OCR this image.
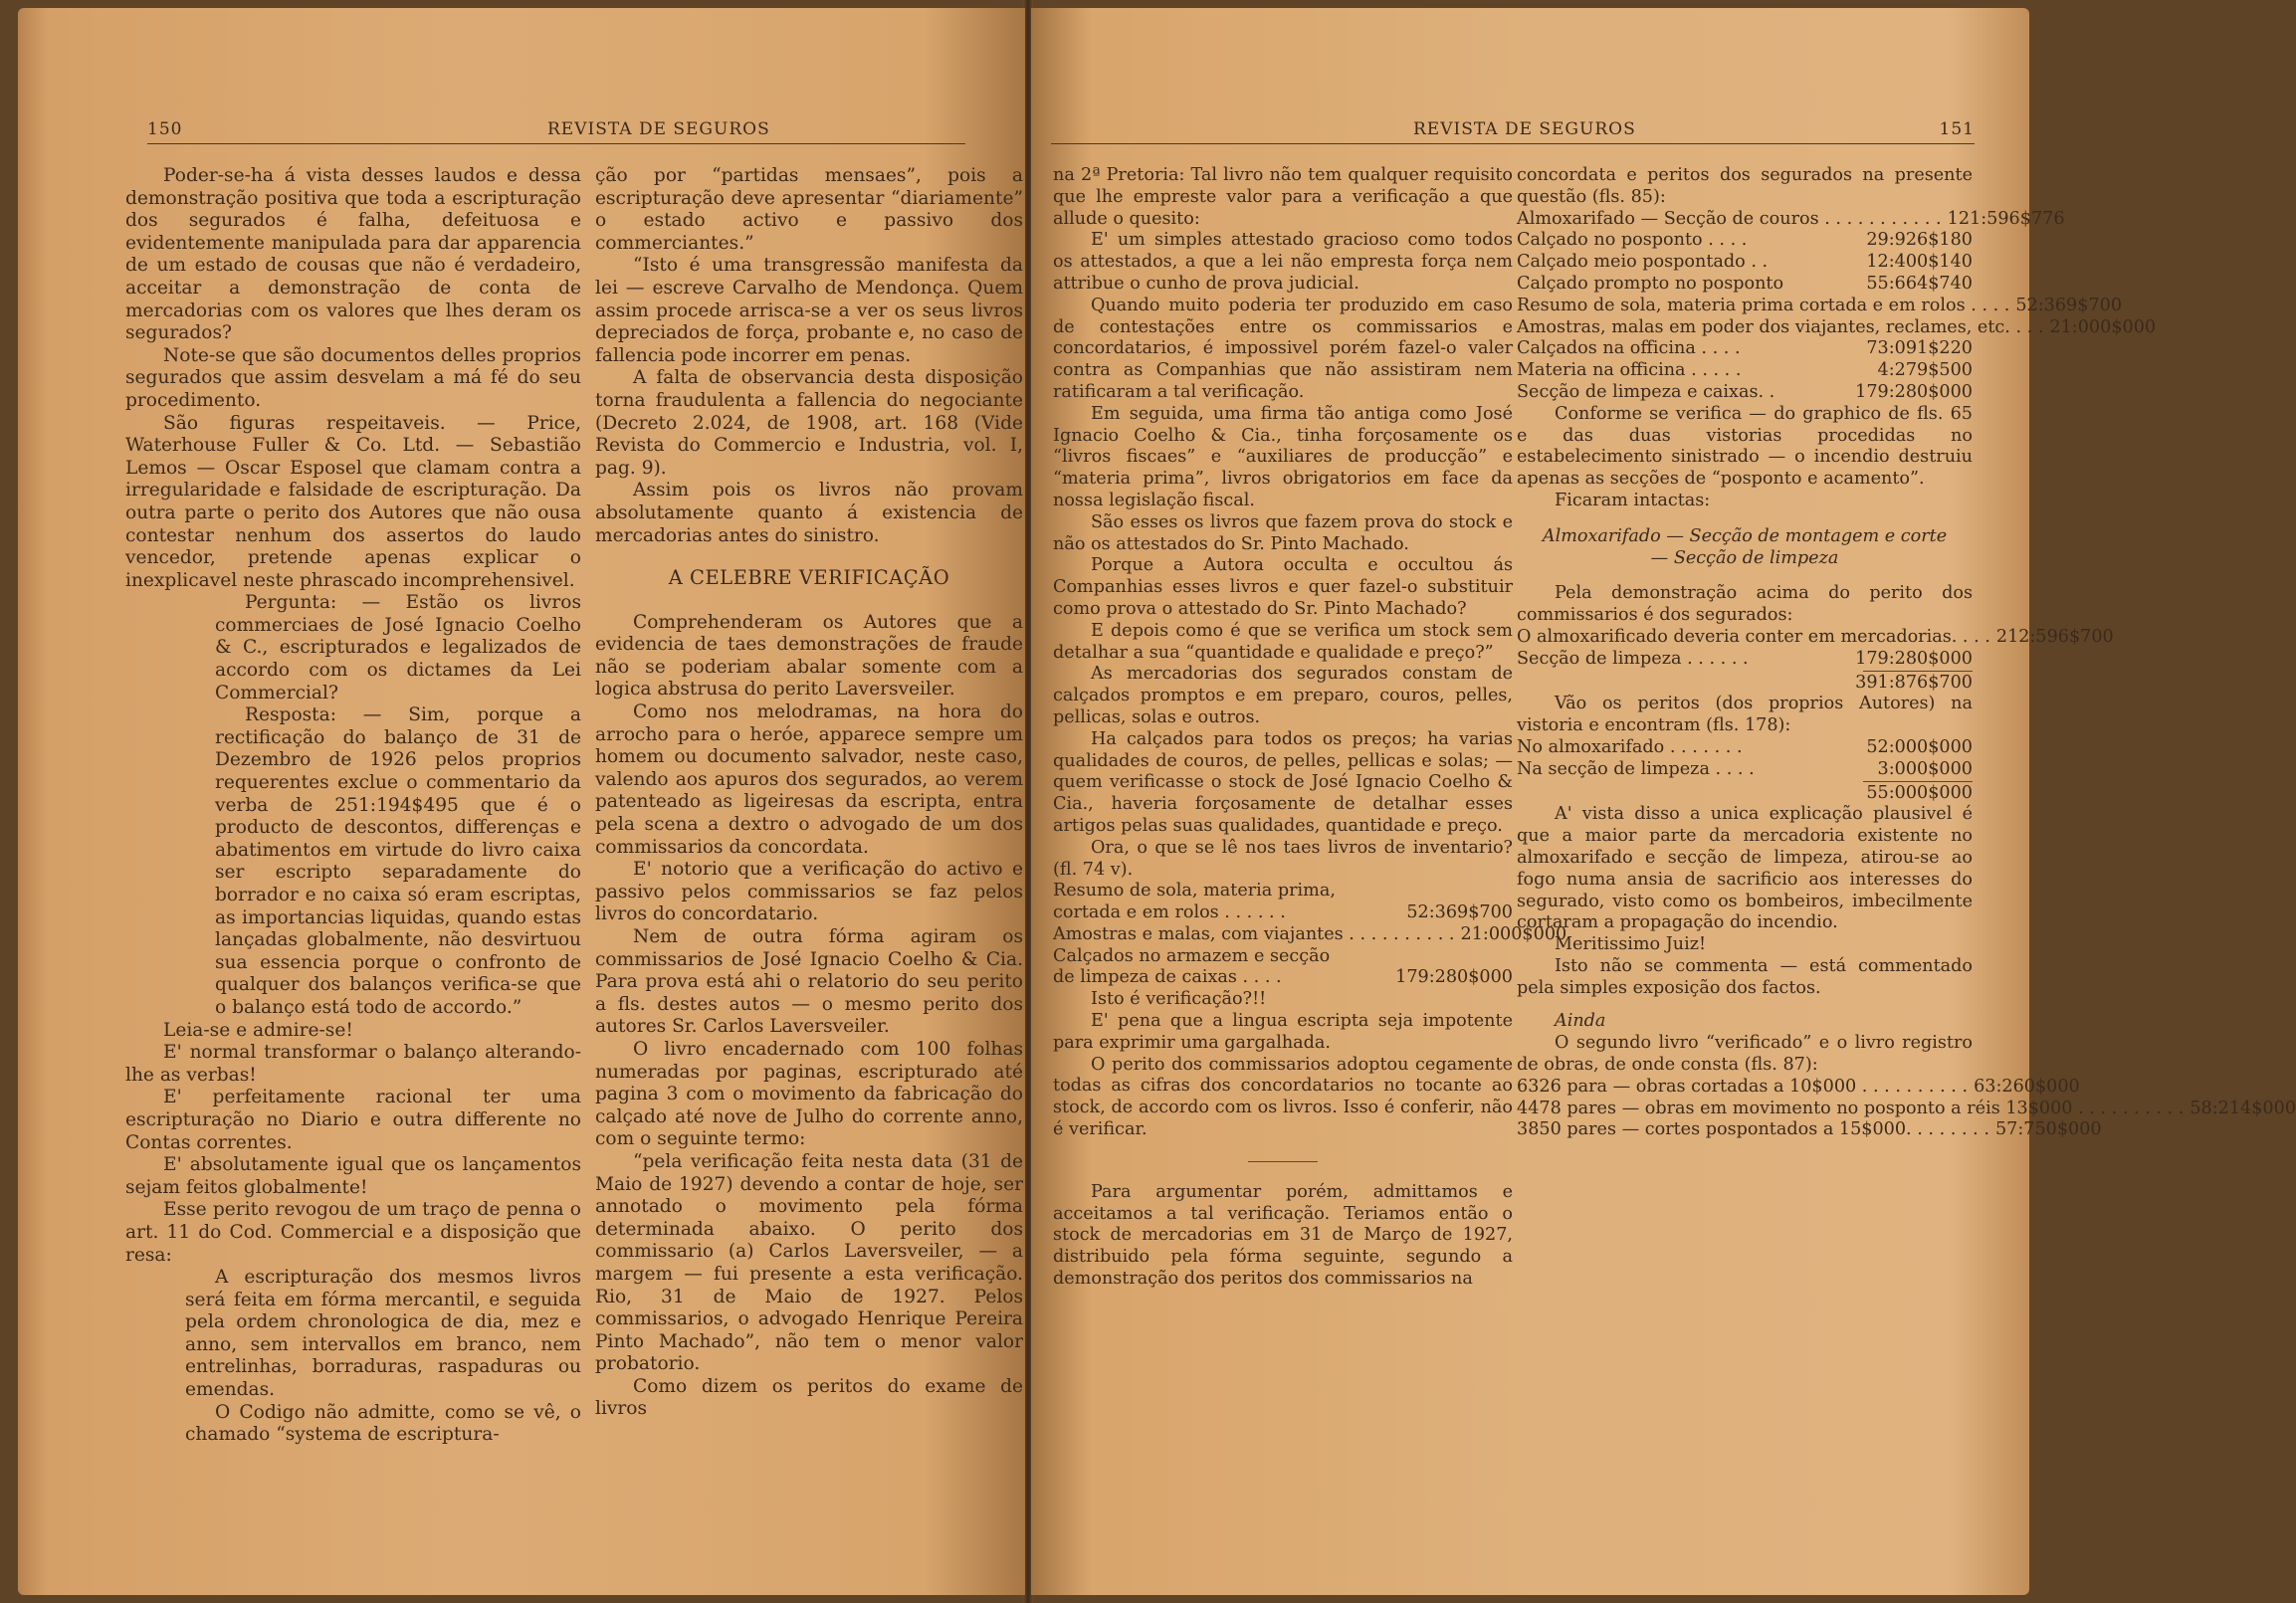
150	REVISTA DE SEGUROS

Poder-se-ha á vista desses laudos e dessa demonstração positiva que toda a escripturação dos segurados é falha, defeituosa e evidentemente manipulada para dar apparencia de um estado de cousas que não é verdadeiro, acceitar a demonstração de conta de mercadorias com os valores que lhes deram os segurados?

Note-se que são documentos delles proprios segurados que assim desvelam a má fé do seu procedimento.

São figuras respeitaveis. — Price, Waterhouse Fuller & Co. Ltd. — Sebastião Lemos — Oscar Esposel que clamam contra a irregularidade e falsidade de escripturação. Da outra parte o perito dos Autores que não ousa contestar nenhum dos assertos do laudo vencedor, pretende apenas explicar o inexplicavel neste phrascado incomprehensivel.

Pergunta: — Estão os livros commerciaes de José Ignacio Coelho & C., escripturados e legalizados de accordo com os dictames da Lei Commercial?

Resposta: — Sim, porque a rectificação do balanço de 31 de Dezembro de 1926 pelos proprios requerentes exclue o commentario da verba de 251:194$495 que é o producto de descontos, differenças e abatimentos em virtude do livro caixa ser escripto separadamente do borrador e no caixa só eram escriptas, as importancias liquidas, quando estas lançadas globalmente, não desvirtuou sua essencia porque o confronto de qualquer dos balanços verifica-se que o balanço está todo de accordo.”

Leia-se e admire-se!

E' normal transformar o balanço alterando-lhe as verbas!

E' perfeitamente racional ter uma escripturação no Diario e outra differente no Contas correntes.

E' absolutamente igual que os lançamentos sejam feitos globalmente!

Esse perito revogou de um traço de penna o art. 11 do Cod. Commercial e a disposição que resa:

A escripturação dos mesmos livros será feita em fórma mercantil, e seguida pela ordem chronologica de dia, mez e anno, sem intervallos em branco, nem entrelinhas, borraduras, raspaduras ou emendas.

O Codigo não admitte, como se vê, o chamado “systema de escriptura-

ção por “partidas mensaes”, pois a escripturação deve apresentar “diariamente” o estado activo e passivo dos commerciantes.”

“Isto é uma transgressão manifesta da lei — escreve Carvalho de Mendonça. Quem assim procede arrisca-se a ver os seus livros depreciados de força, probante e, no caso de fallencia pode incorrer em penas.

A falta de observancia desta disposição torna fraudulenta a fallencia do negociante (Decreto 2.024, de 1908, art. 168 (Vide Revista do Commercio e Industria, vol. I, pag. 9).

Assim pois os livros não provam absolutamente quanto á existencia de mercadorias antes do sinistro.

A CELEBRE VERIFICAÇÃO

Comprehenderam os Autores que a evidencia de taes demonstrações de fraude não se poderiam abalar somente com a logica abstrusa do perito Laversveiler.

Como nos melodramas, na hora do arrocho para o heróe, apparece sempre um homem ou documento salvador, neste caso, valendo aos apuros dos segurados, ao verem patenteado as ligeiresas da escripta, entra pela scena a dextro o advogado de um dos commissarios da concordata.

E' notorio que a verificação do activo e passivo pelos commissarios se faz pelos livros do concordatario.

Nem de outra fórma agiram os commissarios de José Ignacio Coelho & Cia. Para prova está ahi o relatorio do seu perito a fls. destes autos — o mesmo perito dos autores Sr. Carlos Laversveiler.

O livro encadernado com 100 folhas numeradas por paginas, escripturado até pagina 3 com o movimento da fabricação do calçado até nove de Julho do corrente anno, com o seguinte termo:

“pela verificação feita nesta data (31 de Maio de 1927) devendo a contar de hoje, ser annotado o movimento pela fórma determinada abaixo. O perito dos commissario (a) Carlos Laversveiler, — a margem — fui presente a esta verificação. Rio, 31 de Maio de 1927. Pelos commissarios, o advogado Henrique Pereira Pinto Machado”, não tem o menor valor probatorio.

Como dizem os peritos do exame de livros

REVISTA DE SEGUROS	151

na 2ª Pretoria: Tal livro não tem qualquer requisito que lhe empreste valor para a verificação a que allude o quesito:

E' um simples attestado gracioso como todos os attestados, a que a lei não empresta força nem attribue o cunho de prova judicial.

Quando muito poderia ter produzido em caso de contestações entre os commissarios e concordatarios, é impossivel porém fazel-o valer contra as Companhias que não assistiram nem ratificaram a tal verificação.

Em seguida, uma firma tão antiga como José Ignacio Coelho & Cia., tinha forçosamente os “livros fiscaes” e “auxiliares de producção” e “materia prima”, livros obrigatorios em face da nossa legislação fiscal.

São esses os livros que fazem prova do stock e não os attestados do Sr. Pinto Machado.

Porque a Autora occulta e occultou ás Companhias esses livros e quer fazel-o substituir como prova o attestado do Sr. Pinto Machado?

E depois como é que se verifica um stock sem detalhar a sua “quantidade e qualidade e preço?”

As mercadorias dos segurados constam de calçados promptos e em preparo, couros, pelles, pellicas, solas e outros.

Ha calçados para todos os preços; ha varias qualidades de couros, de pelles, pellicas e solas; — quem verificasse o stock de José Ignacio Coelho & Cia., haveria forçosamente de detalhar esses artigos pelas suas qualidades, quantidade e preço.

Ora, o que se lê nos taes livros de inventario? (fl. 74 v).

Resumo de sola, materia prima,
cortada e em rolos . . . . . .	52:369$700
Amostras e malas, com viajantes . . . . . . . . . . 21:000$000
Calçados no armazem e secção
de limpeza de caixas . . . .	179:280$000

Isto é verificação?!!

E' pena que a lingua escripta seja impotente para exprimir uma gargalhada.

O perito dos commissarios adoptou cegamente todas as cifras dos concordatarios no tocante ao stock, de accordo com os livros. Isso é conferir, não é verificar.

Para argumentar porém, admittamos e acceitamos a tal verificação. Teriamos então o stock de mercadorias em 31 de Março de 1927, distribuido pela fórma seguinte, segundo a demonstração dos peritos dos commissarios na

concordata e peritos dos segurados na presente questão (fls. 85):

Almoxarifado — Secção de couros . . . . . . . . . . . 121:596$776
Calçado no posponto . . . .	29:926$180
Calçado meio pospontado . .	12:400$140
Calçado prompto no posponto	55:664$740
Resumo de sola, materia prima cortada e em rolos . . . . 52:369$700
Amostras, malas em poder dos viajantes, reclames, etc. . . . 21:000$000
Calçados na officina . . . .	73:091$220
Materia na officina . . . . .	4:279$500
Secção de limpeza e caixas. .	179:280$000

Conforme se verifica — do graphico de fls. 65 e das duas vistorias procedidas no estabelecimento sinistrado — o incendio destruiu apenas as secções de “posponto e acamento”.

Ficaram intactas:

Almoxarifado — Secção de montagem e corte

— Secção de limpeza

Pela demonstração acima do perito dos commissarios é dos segurados:

O almoxarificado deveria conter em mercadorias. . . . 212:596$700
Secção de limpeza . . . . . .	179:280$000

391:876$700

Vão os peritos (dos proprios Autores) na vistoria e encontram (fls. 178):

No almoxarifado . . . . . . .	52:000$000
Na secção de limpeza . . . .	3:000$000

55:000$000

A' vista disso a unica explicação plausivel é que a maior parte da mercadoria existente no almoxarifado e secção de limpeza, atirou-se ao fogo numa ansia de sacrificio aos interesses do segurado, visto como os bombeiros, imbecilmente cortaram a propagação do incendio.

Meritissimo Juiz!

Isto não se commenta — está commentado pela simples exposição dos factos.

Ainda

O segundo livro “verificado” e o livro registro de obras, de onde consta (fls. 87):

6326 para — obras cortadas a 10$000 . . . . . . . . . . 63:260$000
4478 pares — obras em movimento no posponto a réis 13$000 . . . . . . . . . . 58:214$000
3850 pares — cortes pospontados a 15$000. . . . . . . . 57:750$000
